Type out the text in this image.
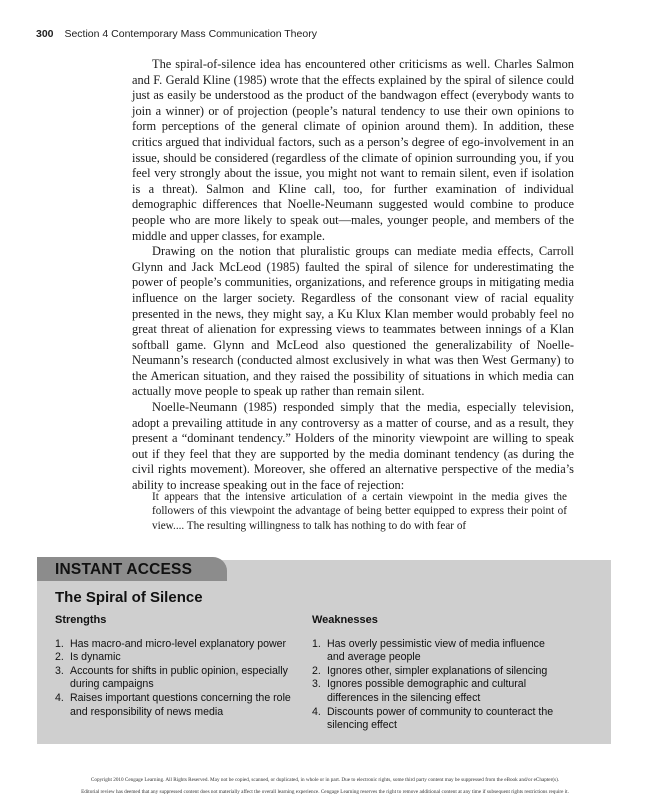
300 Section 4 Contemporary Mass Communication Theory

The spiral-of-silence idea has encountered other criticisms as well. Charles Salmon and F. Gerald Kline (1985) wrote that the effects explained by the spiral of silence could just as easily be understood as the product of the bandwagon effect (everybody wants to join a winner) or of projection (people’s natural tendency to use their own opinions to form perceptions of the general climate of opinion around them). In addition, these critics argued that individual factors, such as a person’s degree of ego-involvement in an issue, should be considered (regardless of the climate of opinion surrounding you, if you feel very strongly about the issue, you might not want to remain silent, even if isolation is a threat). Salmon and Kline call, too, for further examination of individual demographic differences that Noelle-Neumann suggested would combine to produce people who are more likely to speak out—males, younger people, and members of the middle and upper classes, for example.

Drawing on the notion that pluralistic groups can mediate media effects, Carroll Glynn and Jack McLeod (1985) faulted the spiral of silence for underestimating the power of people’s communities, organizations, and reference groups in mitigating media influence on the larger society. Regardless of the consonant view of racial equality presented in the news, they might say, a Ku Klux Klan member would probably feel no great threat of alienation for expressing views to teammates between innings of a Klan softball game. Glynn and McLeod also questioned the generalizability of Noelle-Neumann’s research (conducted almost exclusively in what was then West Germany) to the American situation, and they raised the possibility of situations in which media can actually move people to speak up rather than remain silent.

Noelle-Neumann (1985) responded simply that the media, especially television, adopt a prevailing attitude in any controversy as a matter of course, and as a result, they present a “dominant tendency.” Holders of the minority viewpoint are willing to speak out if they feel that they are supported by the media dominant tendency (as during the civil rights movement). Moreover, she offered an alternative perspective of the media’s ability to increase speaking out in the face of rejection:

It appears that the intensive articulation of a certain viewpoint in the media gives the followers of this viewpoint the advantage of being better equipped to express their point of view.... The resulting willingness to talk has nothing to do with fear of

INSTANT ACCESS
The Spiral of Silence
Strengths
1. Has macro-and micro-level explanatory power
2. Is dynamic
3. Accounts for shifts in public opinion, especially during campaigns
4. Raises important questions concerning the role and responsibility of news media
Weaknesses
1. Has overly pessimistic view of media influence and average people
2. Ignores other, simpler explanations of silencing
3. Ignores possible demographic and cultural differences in the silencing effect
4. Discounts power of community to counteract the silencing effect
Copyright 2010 Cengage Learning. All Rights Reserved. May not be copied, scanned, or duplicated, in whole or in part. Due to electronic rights, some third party content may be suppressed from the eBook and/or eChapter(s).
Editorial review has deemed that any suppressed content does not materially affect the overall learning experience. Cengage Learning reserves the right to remove additional content at any time if subsequent rights restrictions require it.
